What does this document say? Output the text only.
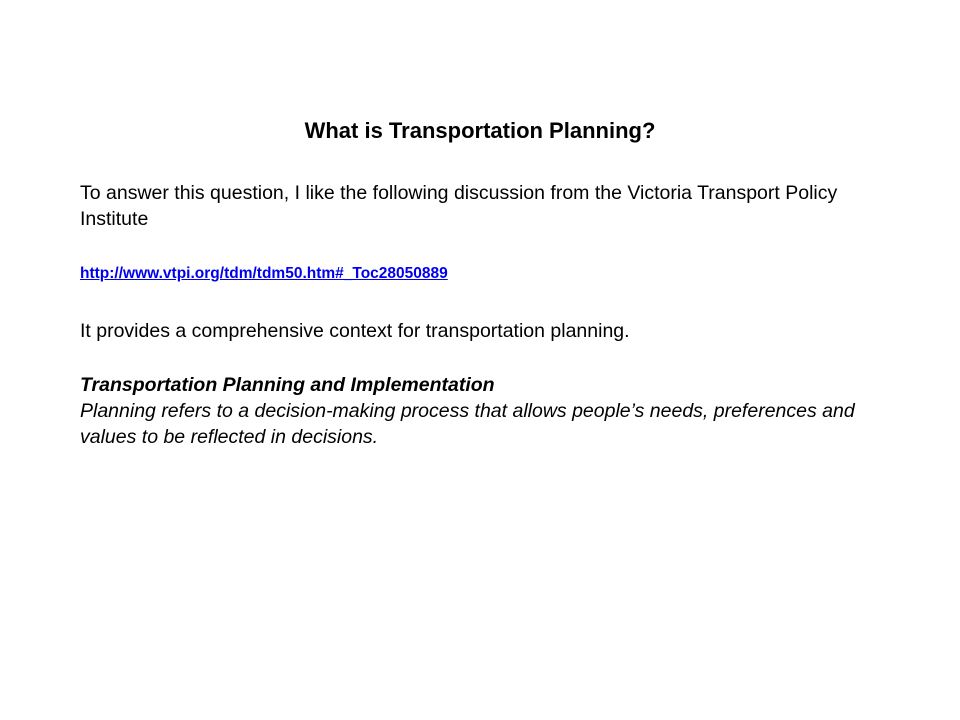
What is Transportation Planning?

To answer this question, I like the following discussion from the Victoria Transport Policy Institute

http://www.vtpi.org/tdm/tdm50.htm#_Toc28050889

It provides a comprehensive context for transportation planning.

Transportation Planning and Implementation
Planning refers to a decision-making process that allows people’s needs, preferences and values to be reflected in decisions.
